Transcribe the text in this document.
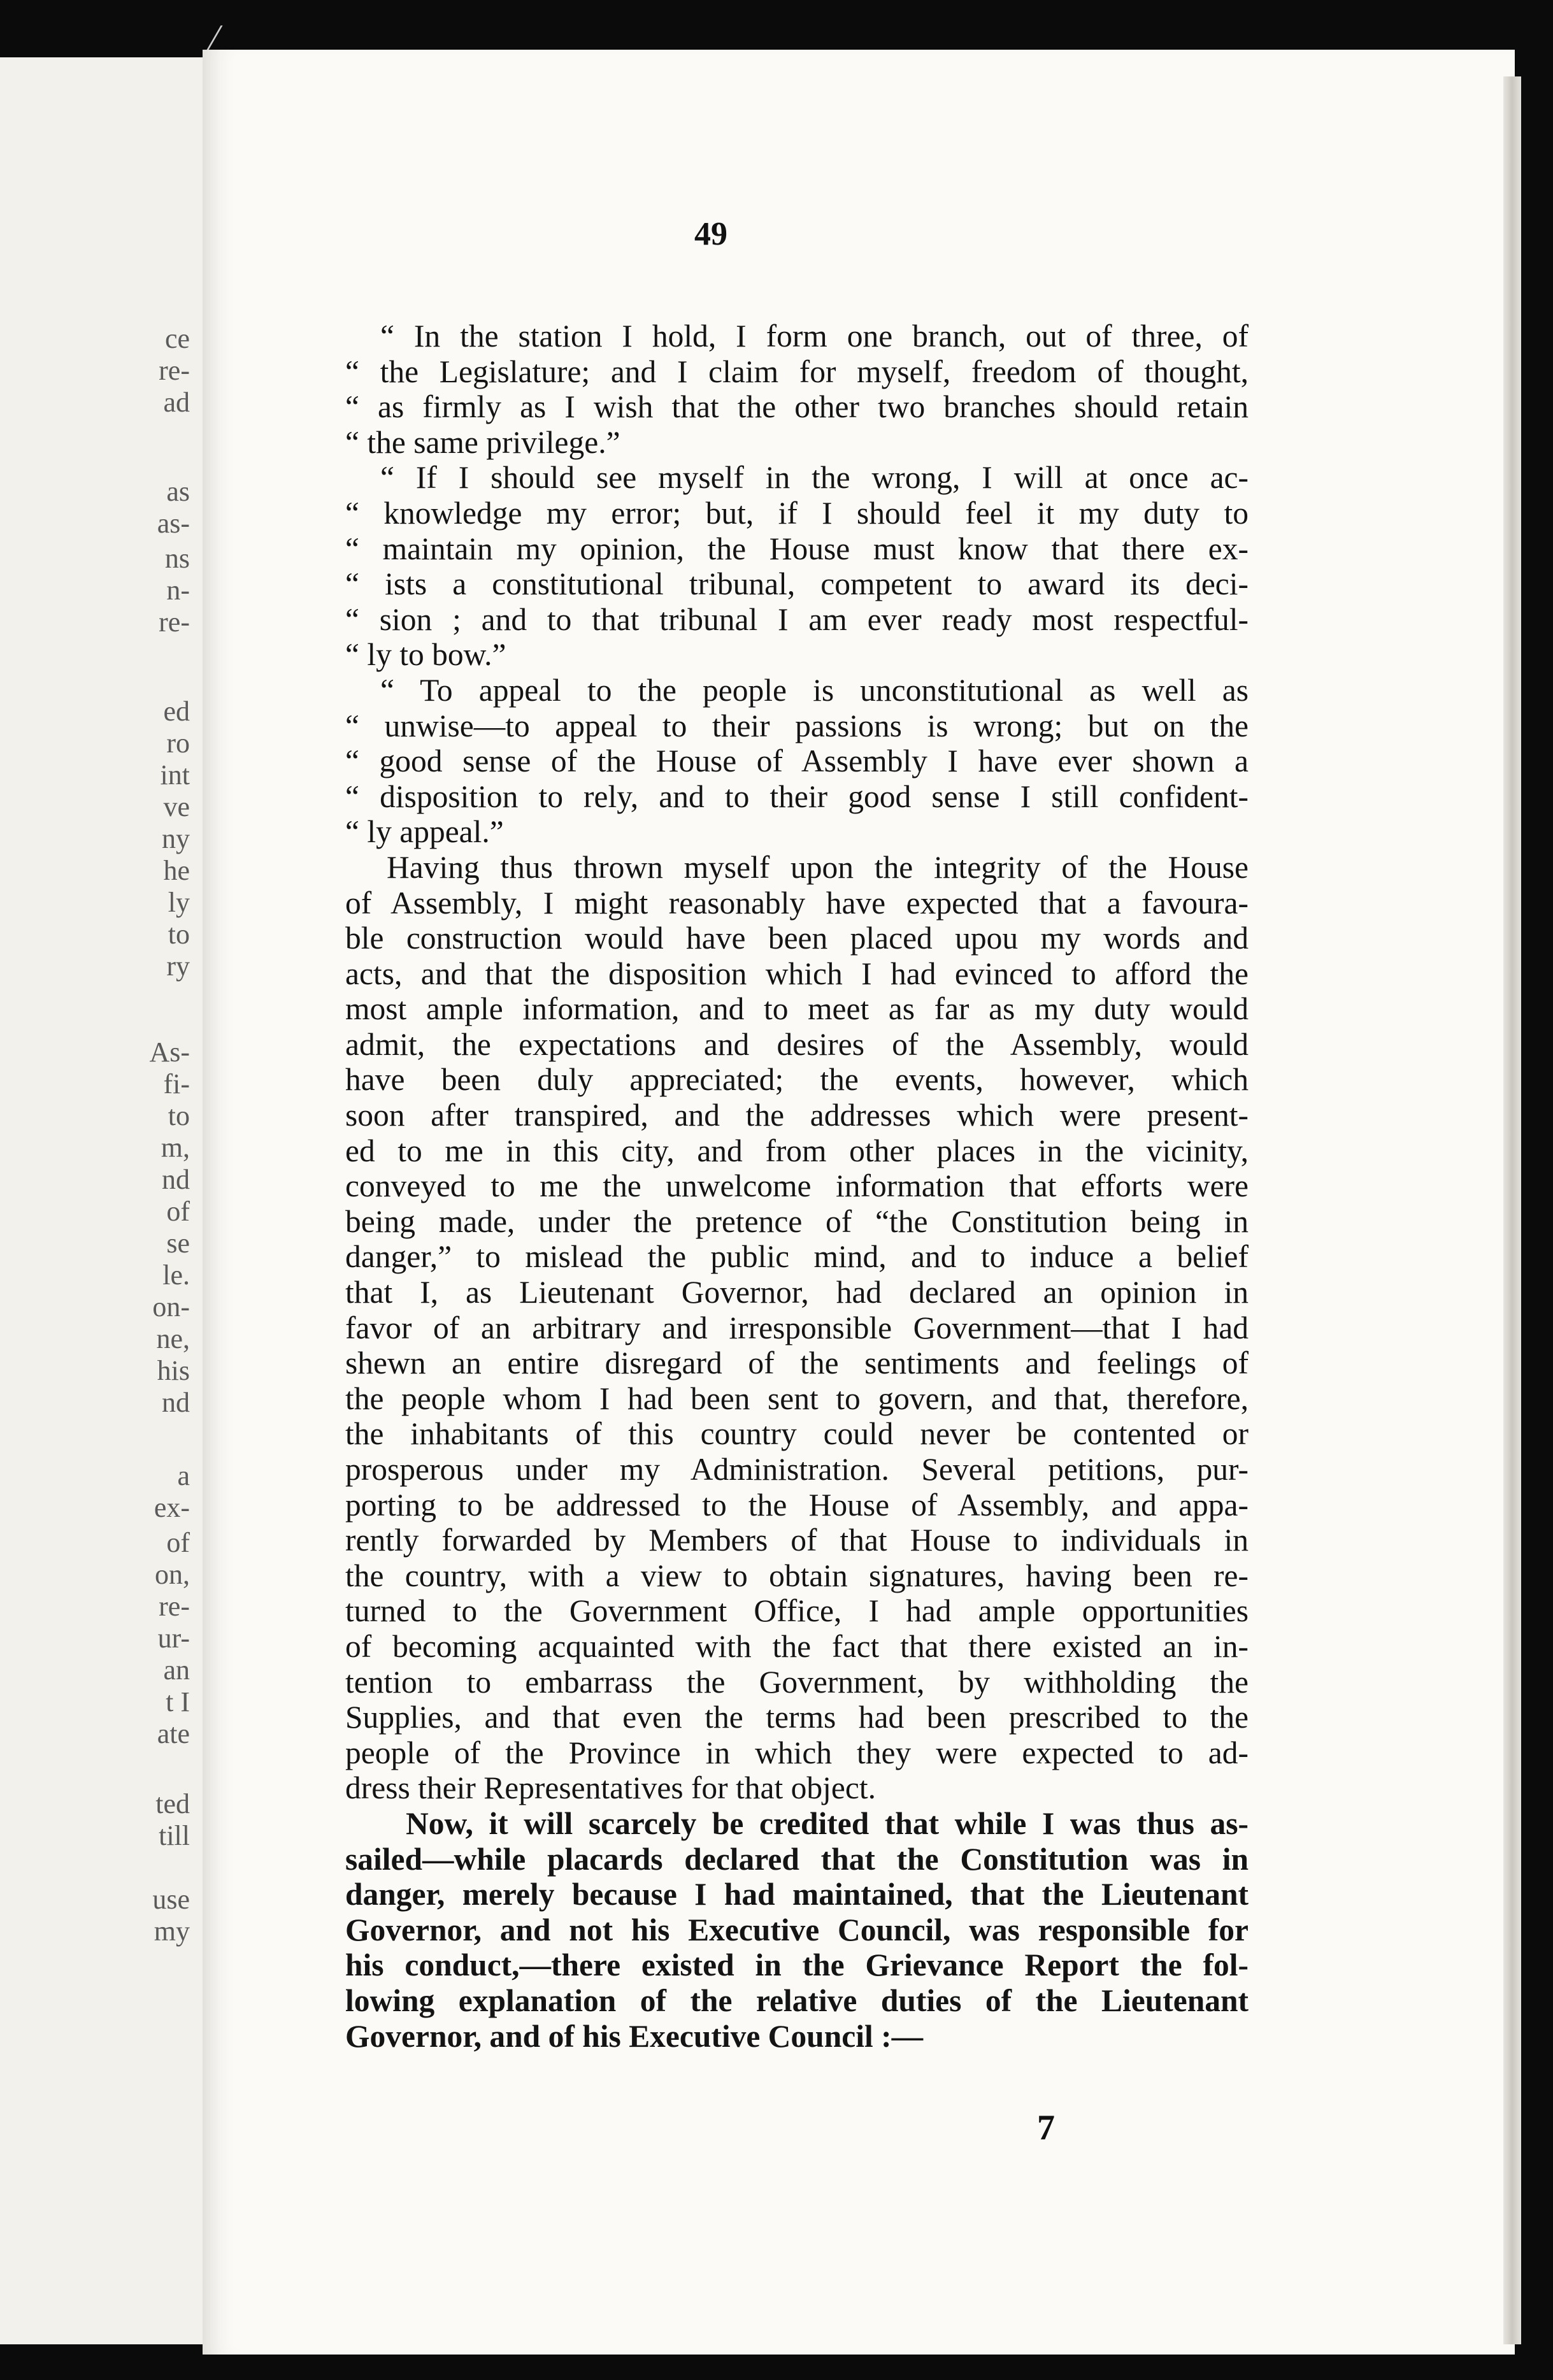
ce
re-
ad
as
as-
ns
n-
re-
ed
ro
int
ve
ny
he
ly
to
ry
As-
fi-
to
m,
nd
of
se
le.
on-
ne,
his
nd
a
ex-
of
on,
re-
ur-
an
t I
ate
ted
till
use
my
49
“ In the station I hold, I form one branch, out of three, of
“ the Legislature; and I claim for myself, freedom of thought,
“ as firmly as I wish that the other two branches should retain
“ the same privilege.”
“ If I should see myself in the wrong, I will at once ac-
“ knowledge my error; but, if I should feel it my duty to
“ maintain my opinion, the House must know that there ex-
“ ists a constitutional tribunal, competent to award its deci-
“ sion ; and to that tribunal I am ever ready most respectful-
“ ly to bow.”
“ To appeal to the people is unconstitutional as well as
“ unwise—to appeal to their passions is wrong; but on the
“ good sense of the House of Assembly I have ever shown a
“ disposition to rely, and to their good sense I still confident-
“ ly appeal.”
Having thus thrown myself upon the integrity of the House
of Assembly, I might reasonably have expected that a favoura-
ble construction would have been placed upou my words and
acts, and that the disposition which I had evinced to afford the
most ample information, and to meet as far as my duty would
admit, the expectations and desires of the Assembly, would
have been duly appreciated; the events, however, which
soon after transpired, and the addresses which were present-
ed to me in this city, and from other places in the vicinity,
conveyed to me the unwelcome information that efforts were
being made, under the pretence of “the Constitution being in
danger,” to mislead the public mind, and to induce a belief
that I, as Lieutenant Governor, had declared an opinion in
favor of an arbitrary and irresponsible Government—that I had
shewn an entire disregard of the sentiments and feelings of
the people whom I had been sent to govern, and that, therefore,
the inhabitants of this country could never be contented or
prosperous under my Administration. Several petitions, pur-
porting to be addressed to the House of Assembly, and appa-
rently forwarded by Members of that House to individuals in
the country, with a view to obtain signatures, having been re-
turned to the Government Office, I had ample opportunities
of becoming acquainted with the fact that there existed an in-
tention to embarrass the Government, by withholding the
Supplies, and that even the terms had been prescribed to the
people of the Province in which they were expected to ad-
dress their Representatives for that object.
Now, it will scarcely be credited that while I was thus as-
sailed—while placards declared that the Constitution was in
danger, merely because I had maintained, that the Lieutenant
Governor, and not his Executive Council, was responsible for
his conduct,—there existed in the Grievance Report the fol-
lowing explanation of the relative duties of the Lieutenant
Governor, and of his Executive Council :—
7
